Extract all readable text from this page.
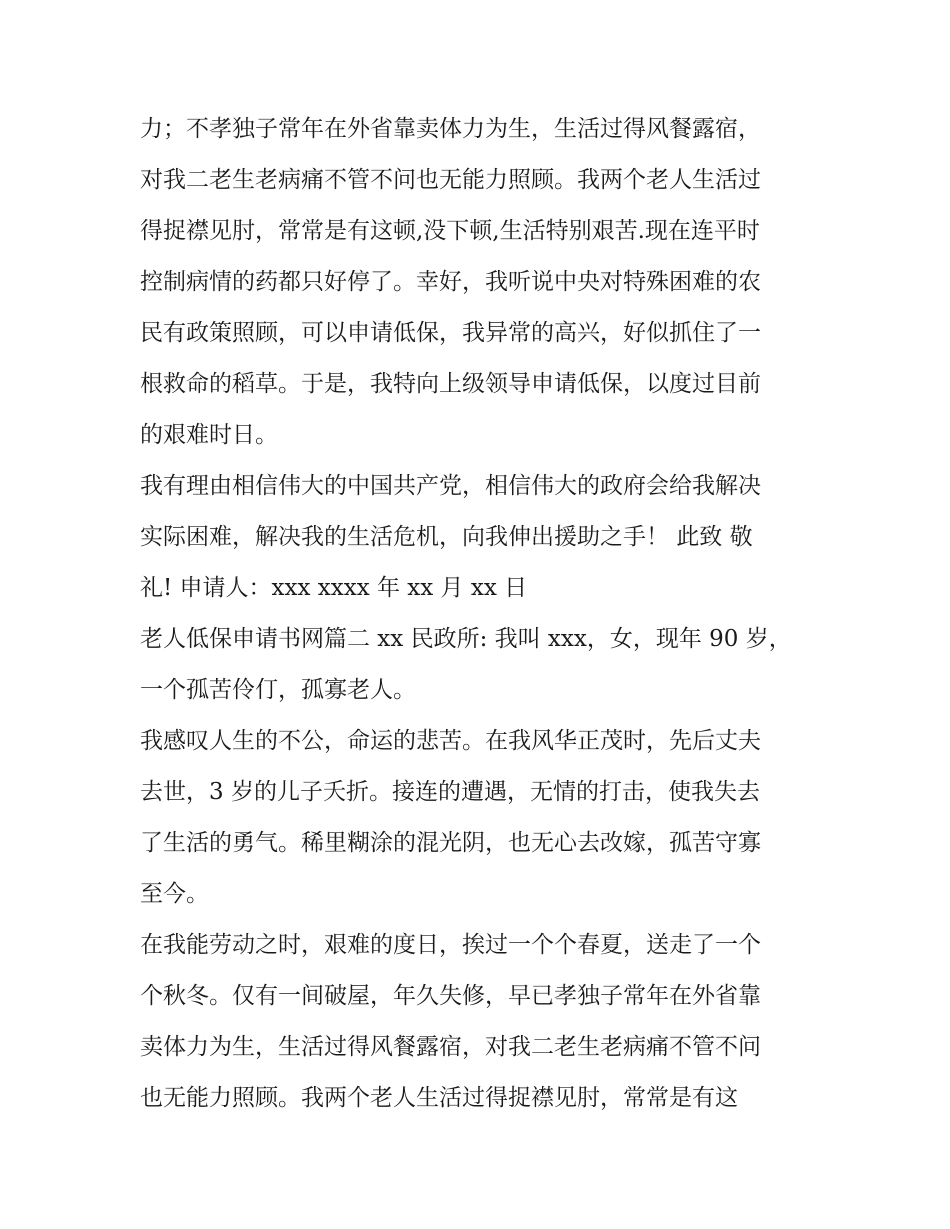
力；不孝独子常年在外省靠卖体力为生，生活过得风餐露宿，
对我二老生老病痛不管不问也无能力照顾。我两个老人生活过
得捉襟见肘，常常是有这顿,没下顿,生活特别艰苦.现在连平时
控制病情的药都只好停了。幸好，我听说中央对特殊困难的农
民有政策照顾，可以申请低保，我异常的高兴，好似抓住了一
根救命的稻草。于是，我特向上级领导申请低保，以度过目前
的艰难时日。
我有理由相信伟大的中国共产党，相信伟大的政府会给我解决
实际困难，解决我的生活危机，向我伸出援助之手！ 此致 敬
礼! 申请人：xxx xxxx 年 xx 月 xx 日
老人低保申请书网篇二 xx 民政所: 我叫 xxx，女，现年 90 岁，
一个孤苦伶仃，孤寡老人。
我感叹人生的不公，命运的悲苦。在我风华正茂时，先后丈夫
去世，3 岁的儿子夭折。接连的遭遇，无情的打击，使我失去
了生活的勇气。稀里糊涂的混光阴，也无心去改嫁，孤苦守寡
至今。
在我能劳动之时，艰难的度日，挨过一个个春夏，送走了一个
个秋冬。仅有一间破屋，年久失修，早已孝独子常年在外省靠
卖体力为生，生活过得风餐露宿，对我二老生老病痛不管不问
也无能力照顾。我两个老人生活过得捉襟见肘，常常是有这
